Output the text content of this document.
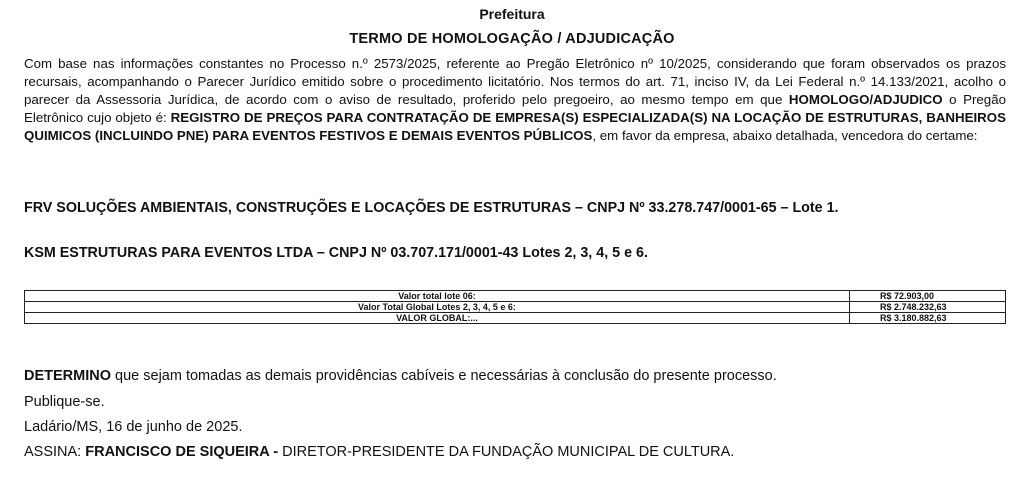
Prefeitura
TERMO DE HOMOLOGAÇÃO / ADJUDICAÇÃO
Com base nas informações constantes no Processo n.º 2573/2025, referente ao Pregão Eletrônico nº 10/2025, considerando que foram observados os prazos recursais, acompanhando o Parecer Jurídico emitido sobre o procedimento licitatório. Nos termos do art. 71, inciso IV, da Lei Federal n.º 14.133/2021, acolho o parecer da Assessoria Jurídica, de acordo com o aviso de resultado, proferido pelo pregoeiro, ao mesmo tempo em que HOMOLOGO/ADJUDICO o Pregão Eletrônico cujo objeto é: REGISTRO DE PREÇOS PARA CONTRATAÇÃO DE EMPRESA(S) ESPECIALIZADA(S) NA LOCAÇÃO DE ESTRUTURAS, BANHEIROS QUIMICOS (INCLUINDO PNE) PARA EVENTOS FESTIVOS E DEMAIS EVENTOS PÚBLICOS, em favor da empresa, abaixo detalhada, vencedora do certame:
FRV SOLUÇÕES AMBIENTAIS, CONSTRUÇÕES E LOCAÇÕES DE ESTRUTURAS – CNPJ Nº 33.278.747/0001-65 – Lote 1.
KSM ESTRUTURAS PARA EVENTOS LTDA – CNPJ Nº 03.707.171/0001-43 Lotes 2, 3, 4, 5 e 6.
Valor total lote 06:	R$ 72.903,00
Valor Total Global Lotes 2, 3, 4, 5 e 6:	R$ 2.748.232,63
VALOR GLOBAL:...	R$ 3.180.882,63
DETERMINO que sejam tomadas as demais providências cabíveis e necessárias à conclusão do presente processo.
Publique-se.
Ladário/MS, 16 de junho de 2025.
ASSINA: FRANCISCO DE SIQUEIRA - DIRETOR-PRESIDENTE DA FUNDAÇÃO MUNICIPAL DE CULTURA.
